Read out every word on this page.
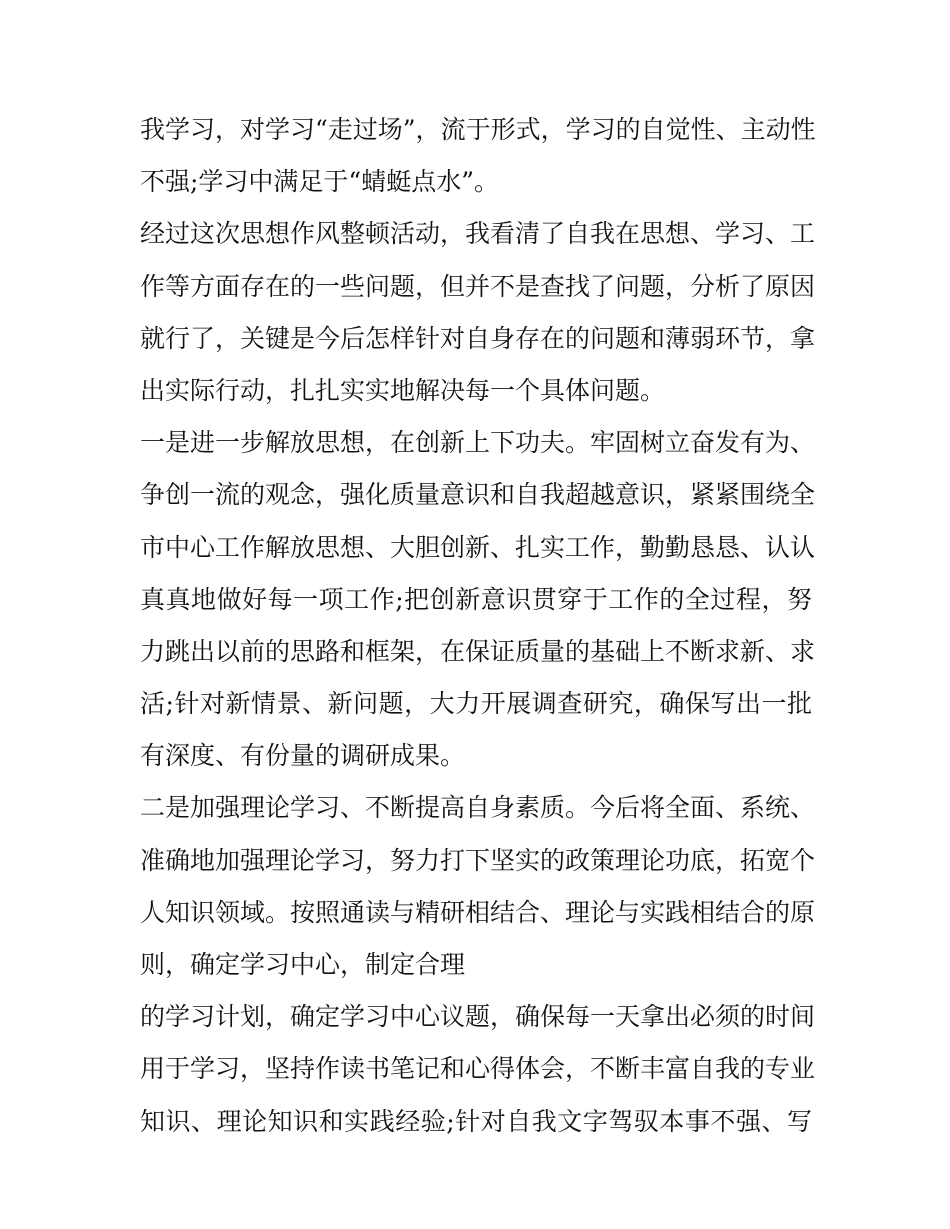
我学习，对学习“走过场”，流于形式，学习的自觉性、主动性
不强;学习中满足于“蜻蜓点水”。
经过这次思想作风整顿活动，我看清了自我在思想、学习、工
作等方面存在的一些问题，但并不是查找了问题，分析了原因
就行了，关键是今后怎样针对自身存在的问题和薄弱环节，拿
出实际行动，扎扎实实地解决每一个具体问题。
一是进一步解放思想，在创新上下功夫。牢固树立奋发有为、
争创一流的观念，强化质量意识和自我超越意识，紧紧围绕全
市中心工作解放思想、大胆创新、扎实工作，勤勤恳恳、认认
真真地做好每一项工作;把创新意识贯穿于工作的全过程，努
力跳出以前的思路和框架，在保证质量的基础上不断求新、求
活;针对新情景、新问题，大力开展调查研究，确保写出一批
有深度、有份量的调研成果。
二是加强理论学习、不断提高自身素质。今后将全面、系统、
准确地加强理论学习，努力打下坚实的政策理论功底，拓宽个
人知识领域。按照通读与精研相结合、理论与实践相结合的原
则，确定学习中心，制定合理
的学习计划，确定学习中心议题，确保每一天拿出必须的时间
用于学习，坚持作读书笔记和心得体会，不断丰富自我的专业
知识、理论知识和实践经验;针对自我文字驾驭本事不强、写
